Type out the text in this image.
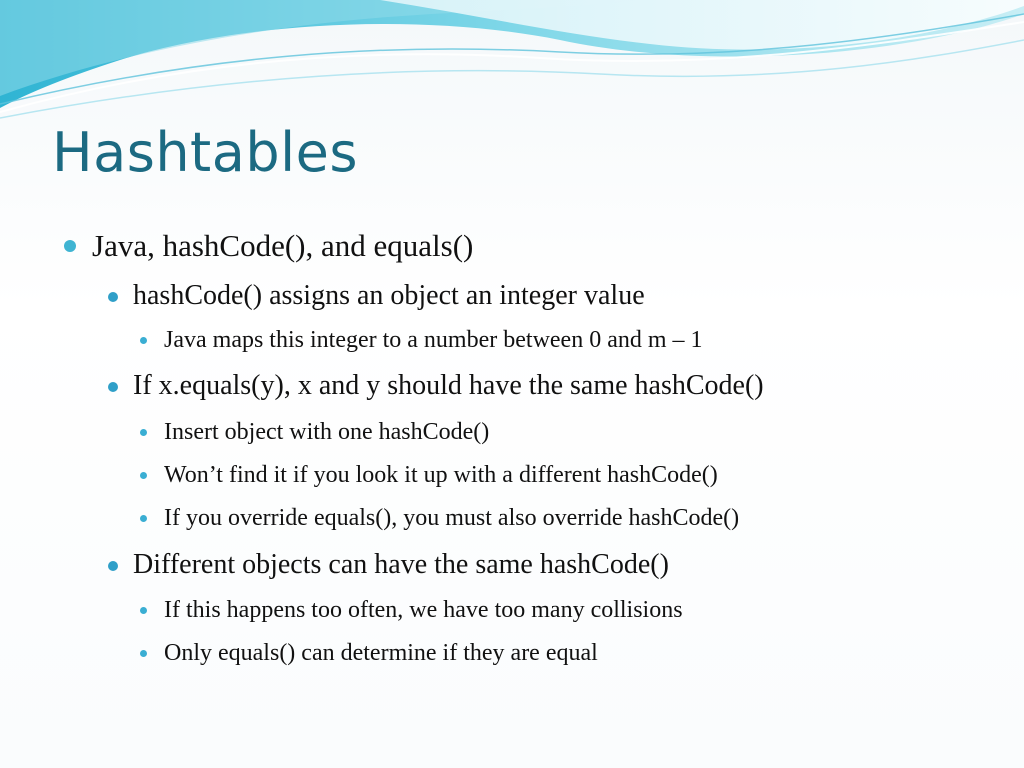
Hashtables
Java, hashCode(), and equals()
hashCode() assigns an object an integer value
Java maps this integer to a number between 0 and m – 1
If x.equals(y), x and y should have the same hashCode()
Insert object with one hashCode()
Won’t find it if you look it up with a different hashCode()
If you override equals(), you must also override hashCode()
Different objects can have the same hashCode()
If this happens too often, we have too many collisions
Only equals() can determine if they are equal
